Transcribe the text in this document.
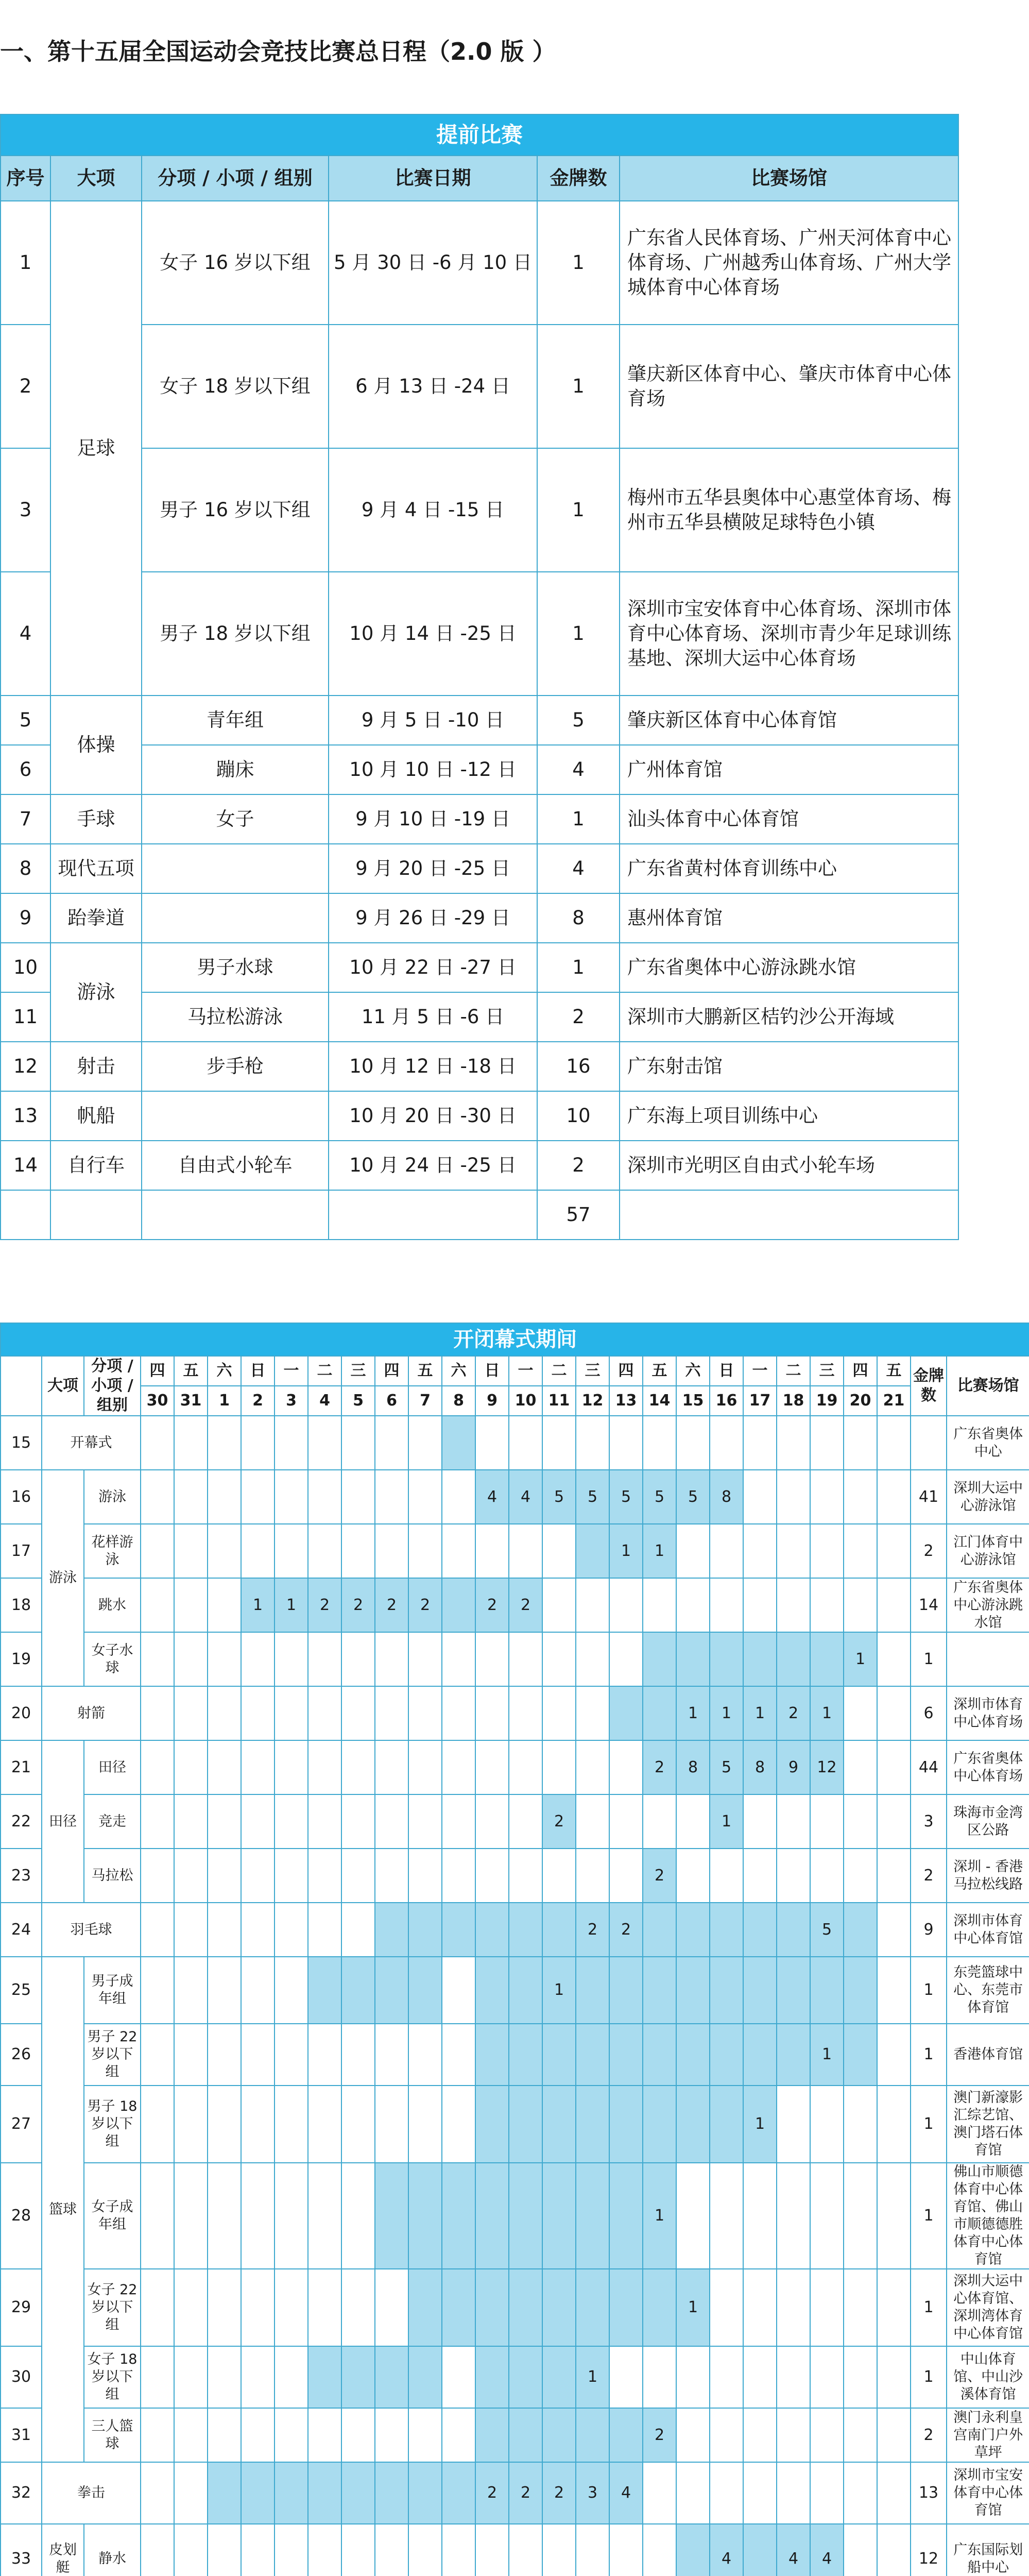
一、第十五届全国运动会竞技比赛总日程（2.0 版 ）
提前比赛					
序号	大项	分项 / 小项 / 组别	比赛日期	金牌数	比赛场馆
1	足球	女子 16 岁以下组	5 月 30 日 -6 月 10 日	1	广东省人民体育场、广州天河体育中心体育场、广州越秀山体育场、广州大学城体育中心体育场
2		女子 18 岁以下组	6 月 13 日 -24 日	1	肇庆新区体育中心、肇庆市体育中心体育场
3		男子 16 岁以下组	9 月 4 日 -15 日	1	梅州市五华县奥体中心惠堂体育场、梅州市五华县横陂足球特色小镇
4		男子 18 岁以下组	10 月 14 日 -25 日	1	深圳市宝安体育中心体育场、深圳市体育中心体育场、深圳市青少年足球训练基地、深圳大运中心体育场
5	体操	青年组	9 月 5 日 -10 日	5	肇庆新区体育中心体育馆
6		蹦床	10 月 10 日 -12 日	4	广州体育馆
7	手球	女子	9 月 10 日 -19 日	1	汕头体育中心体育馆
8	现代五项		9 月 20 日 -25 日	4	广东省黄村体育训练中心
9	跆拳道		9 月 26 日 -29 日	8	惠州体育馆
10	游泳	男子水球	10 月 22 日 -27 日	1	广东省奥体中心游泳跳水馆
11		马拉松游泳	11 月 5 日 -6 日	2	深圳市大鹏新区桔钓沙公开海域
12	射击	步手枪	10 月 12 日 -18 日	16	广东射击馆
13	帆船		10 月 20 日 -30 日	10	广东海上项目训练中心
14	自行车	自由式小轮车	10 月 24 日 -25 日	2	深圳市光明区自由式小轮车场
				57	
开闭幕式期间																											
	大项	分项 / 小项 / 组别	四	五	六	日	一	二	三	四	五	六	日	一	二	三	四	五	六	日	一	二	三	四	五	金牌数	比赛场馆
			30	31	1	2	3	4	5	6	7	8	9	10	11	12	13	14	15	16	17	18	19	20	21		
15	开幕式																										广东省奥体中心
16	游泳	游泳											4	4	5	5	5	5	5	8						41	深圳大运中心游泳馆
17		花样游泳															1	1								2	江门体育中心游泳馆
18		跳水				1	1	2	2	2	2		2	2												14	广东省奥体中心游泳跳水馆
19		女子水球																						1		1	
20	射箭																		1	1	1	2	1			6	深圳市体育中心体育场
21	田径	田径																2	8	5	8	9	12			44	广东省奥体中心体育场
22		竞走													2					1						3	珠海市金湾区公路
23		马拉松																2								2	深圳 - 香港马拉松线路
24	羽毛球															2	2						5			9	深圳市体育中心体育馆
25	篮球	男子成年组													1											1	东莞篮球中心、东莞市体育馆
26		男子 22 岁以下组																					1			1	香港体育馆
27		男子 18 岁以下组																			1					1	澳门新濠影汇综艺馆、澳门塔石体育馆
28		女子成年组																1								1	佛山市顺德体育中心体育馆、佛山市顺德德胜体育中心体育馆
29		女子 22 岁以下组																	1							1	深圳大运中心体育馆、深圳湾体育中心体育馆
30		女子 18 岁以下组														1										1	中山体育馆、中山沙溪体育馆
31		三人篮球																2								2	澳门永利皇宫南门户外草坪
32	拳击												2	2	2	3	4									13	深圳市宝安体育中心体育馆
33	皮划艇	静水																		4		4	4			12	广东国际划船中心
